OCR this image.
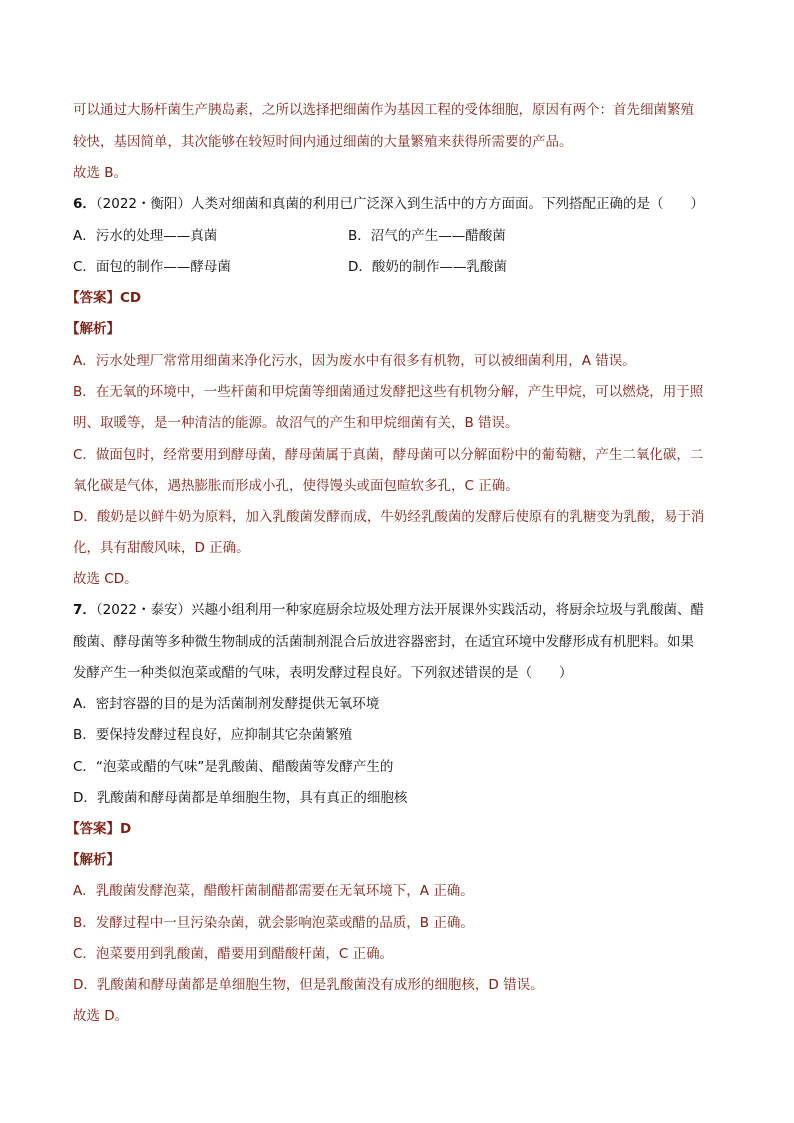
可以通过大肠杆菌生产胰岛素，之所以选择把细菌作为基因工程的受体细胞，原因有两个：首先细菌繁殖
较快，基因简单，其次能够在较短时间内通过细菌的大量繁殖来获得所需要的产品。
故选 B。
6．（2022・衡阳）人类对细菌和真菌的利用已广泛深入到生活中的方方面面。下列搭配正确的是（　　）
A．污水的处理——真菌	B．沼气的产生——醋酸菌
C．面包的制作——酵母菌	D．酸奶的制作——乳酸菌
【答案】CD
【解析】
A．污水处理厂常常用细菌来净化污水，因为废水中有很多有机物，可以被细菌利用，A 错误。
B．在无氧的环境中，一些杆菌和甲烷菌等细菌通过发酵把这些有机物分解，产生甲烷，可以燃烧，用于照
明、取暖等，是一种清洁的能源。故沼气的产生和甲烷细菌有关，B 错误。
C．做面包时，经常要用到酵母菌，酵母菌属于真菌，酵母菌可以分解面粉中的葡萄糖，产生二氧化碳，二
氧化碳是气体，遇热膨胀而形成小孔，使得馒头或面包暄软多孔，C 正确。
D．酸奶是以鲜牛奶为原料，加入乳酸菌发酵而成，牛奶经乳酸菌的发酵后使原有的乳糖变为乳酸，易于消
化，具有甜酸风味，D 正确。
故选 CD。
7．（2022・泰安）兴趣小组利用一种家庭厨余垃圾处理方法开展课外实践活动，将厨余垃圾与乳酸菌、醋
酸菌、酵母菌等多种微生物制成的活菌制剂混合后放进容器密封，在适宜环境中发酵形成有机肥料。如果
发酵产生一种类似泡菜或醋的气味，表明发酵过程良好。下列叙述错误的是（　　）
A．密封容器的目的是为活菌制剂发酵提供无氧环境
B．要保持发酵过程良好，应抑制其它杂菌繁殖
C．“泡菜或醋的气味”是乳酸菌、醋酸菌等发酵产生的
D．乳酸菌和酵母菌都是单细胞生物，具有真正的细胞核
【答案】D
【解析】
A．乳酸菌发酵泡菜，醋酸杆菌制醋都需要在无氧环境下，A 正确。
B．发酵过程中一旦污染杂菌，就会影响泡菜或醋的品质，B 正确。
C．泡菜要用到乳酸菌，醋要用到醋酸杆菌，C 正确。
D．乳酸菌和酵母菌都是单细胞生物，但是乳酸菌没有成形的细胞核，D 错误。
故选 D。
